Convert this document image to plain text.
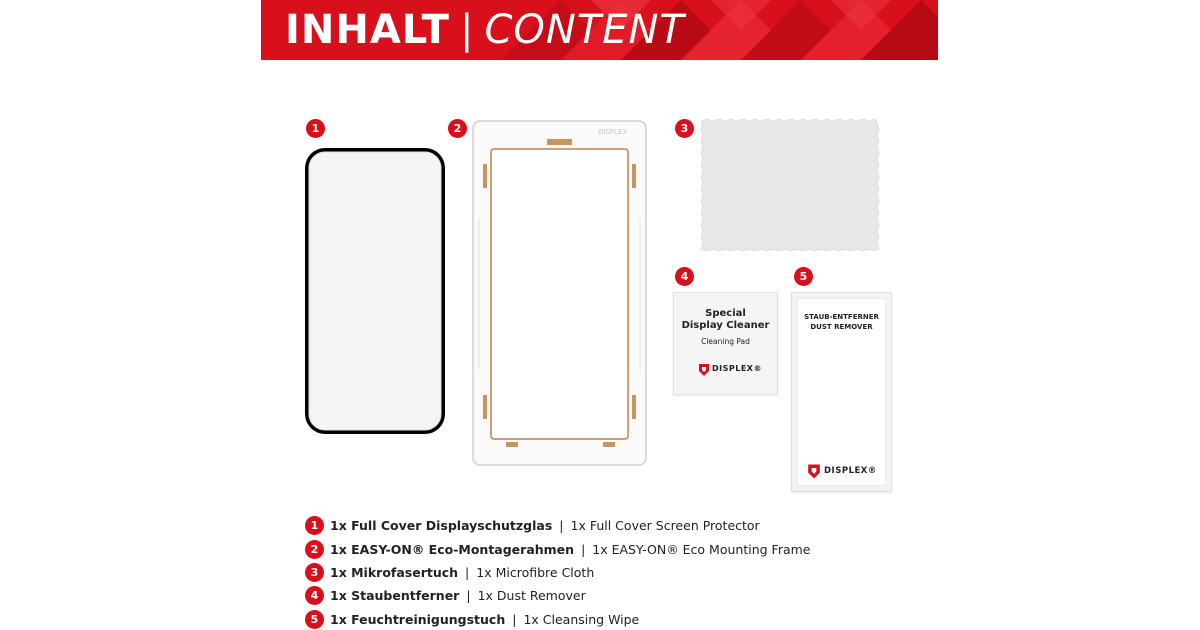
INHALT | CONTENT
1	2	DISPLEX	3
4
Special
Display Cleaner
Cleaning Pad
DISPLEX®
5
STAUB-ENTFERNER
DUST REMOVER
DISPLEX®
1 1x Full Cover Displayschutzglas | 1x Full Cover Screen Protector
2 1x EASY-ON® Eco-Montagerahmen | 1x EASY-ON® Eco Mounting Frame
3 1x Mikrofasertuch | 1x Microfibre Cloth
4 1x Staubentferner | 1x Dust Remover
5 1x Feuchtreinigungstuch | 1x Cleansing Wipe
